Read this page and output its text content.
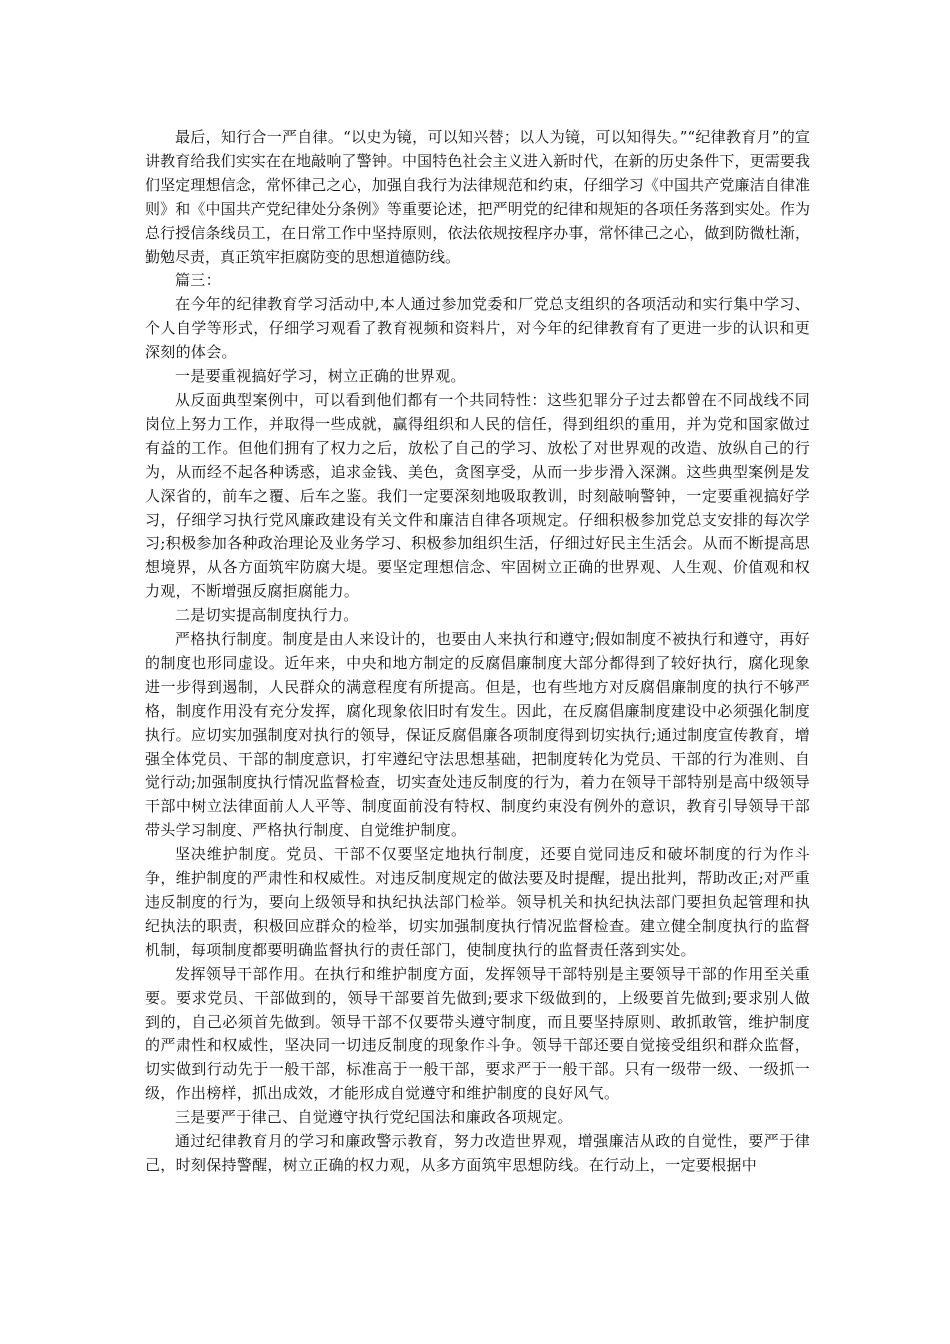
最后，知行合一严自律。“以史为镜，可以知兴替；以人为镜，可以知得失。”“纪律教育月”的宣讲教育给我们实实在在地敲响了警钟。中国特色社会主义进入新时代，在新的历史条件下，更需要我们坚定理想信念，常怀律己之心，加强自我行为法律规范和约束，仔细学习《中国共产党廉洁自律准则》和《中国共产党纪律处分条例》等重要论述，把严明党的纪律和规矩的各项任务落到实处。作为总行授信条线员工，在日常工作中坚持原则，依法依规按程序办事，常怀律己之心，做到防微杜渐，勤勉尽责，真正筑牢拒腐防变的思想道德防线。

篇三：

在今年的纪律教育学习活动中,本人通过参加党委和厂党总支组织的各项活动和实行集中学习、个人自学等形式，仔细学习观看了教育视频和资料片，对今年的纪律教育有了更进一步的认识和更深刻的体会。

一是要重视搞好学习，树立正确的世界观。

从反面典型案例中，可以看到他们都有一个共同特性：这些犯罪分子过去都曾在不同战线不同岗位上努力工作，并取得一些成就，赢得组织和人民的信任，得到组织的重用，并为党和国家做过有益的工作。但他们拥有了权力之后，放松了自己的学习、放松了对世界观的改造、放纵自己的行为，从而经不起各种诱惑，追求金钱、美色，贪图享受，从而一步步滑入深渊。这些典型案例是发人深省的，前车之覆、后车之鉴。我们一定要深刻地吸取教训，时刻敲响警钟，一定要重视搞好学习，仔细学习执行党风廉政建设有关文件和廉洁自律各项规定。仔细积极参加党总支安排的每次学习;积极参加各种政治理论及业务学习、积极参加组织生活，仔细过好民主生活会。从而不断提高思想境界，从各方面筑牢防腐大堤。要坚定理想信念、牢固树立正确的世界观、人生观、价值观和权力观，不断增强反腐拒腐能力。

二是切实提高制度执行力。

严格执行制度。制度是由人来设计的，也要由人来执行和遵守;假如制度不被执行和遵守，再好的制度也形同虚设。近年来，中央和地方制定的反腐倡廉制度大部分都得到了较好执行，腐化现象进一步得到遏制，人民群众的满意程度有所提高。但是，也有些地方对反腐倡廉制度的执行不够严格，制度作用没有充分发挥，腐化现象依旧时有发生。因此，在反腐倡廉制度建设中必须强化制度执行。应切实加强制度对执行的领导，保证反腐倡廉各项制度得到切实执行;通过制度宣传教育，增强全体党员、干部的制度意识，打牢遵纪守法思想基础，把制度转化为党员、干部的行为准则、自觉行动;加强制度执行情况监督检查，切实查处违反制度的行为，着力在领导干部特别是高中级领导干部中树立法律面前人人平等、制度面前没有特权、制度约束没有例外的意识，教育引导领导干部带头学习制度、严格执行制度、自觉维护制度。

坚决维护制度。党员、干部不仅要坚定地执行制度，还要自觉同违反和破坏制度的行为作斗争，维护制度的严肃性和权威性。对违反制度规定的做法要及时提醒，提出批判，帮助改正;对严重违反制度的行为，要向上级领导和执纪执法部门检举。领导机关和执纪执法部门要担负起管理和执纪执法的职责，积极回应群众的检举，切实加强制度执行情况监督检查。建立健全制度执行的监督机制，每项制度都要明确监督执行的责任部门，使制度执行的监督责任落到实处。

发挥领导干部作用。在执行和维护制度方面，发挥领导干部特别是主要领导干部的作用至关重要。要求党员、干部做到的，领导干部要首先做到;要求下级做到的，上级要首先做到;要求别人做到的，自己必须首先做到。领导干部不仅要带头遵守制度，而且要坚持原则、敢抓敢管，维护制度的严肃性和权威性，坚决同一切违反制度的现象作斗争。领导干部还要自觉接受组织和群众监督，切实做到行动先于一般干部，标准高于一般干部，要求严于一般干部。只有一级带一级、一级抓一级，作出榜样，抓出成效，才能形成自觉遵守和维护制度的良好风气。

三是要严于律己、自觉遵守执行党纪国法和廉政各项规定。

通过纪律教育月的学习和廉政警示教育，努力改造世界观，增强廉洁从政的自觉性，要严于律己，时刻保持警醒，树立正确的权力观，从多方面筑牢思想防线。在行动上，一定要根据中
